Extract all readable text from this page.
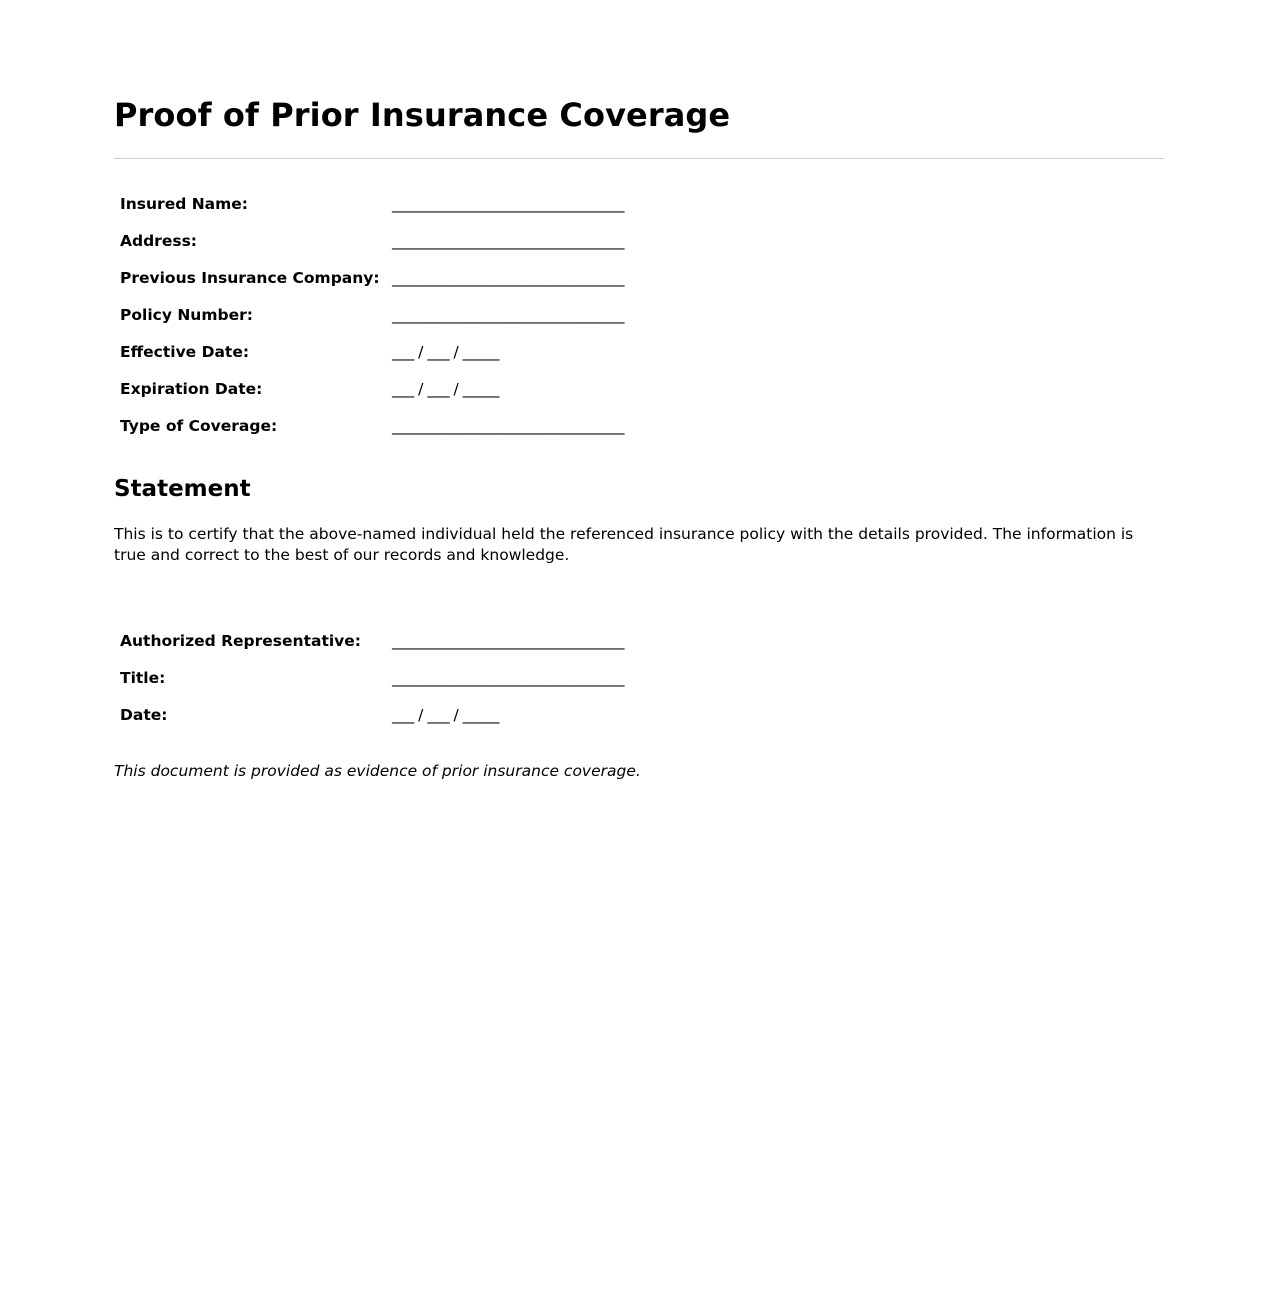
Proof of Prior Insurance Coverage
Insured Name:	________________________________
Address:	________________________________
Previous Insurance Company:	________________________________
Policy Number:	________________________________
Effective Date:	___ / ___ / _____
Expiration Date:	___ / ___ / _____
Type of Coverage:	________________________________
Statement

This is to certify that the above-named individual held the referenced insurance policy with the details provided. The information is true and correct to the best of our records and knowledge.

Authorized Representative:	________________________________
Title:	________________________________
Date:	___ / ___ / _____

This document is provided as evidence of prior insurance coverage.
